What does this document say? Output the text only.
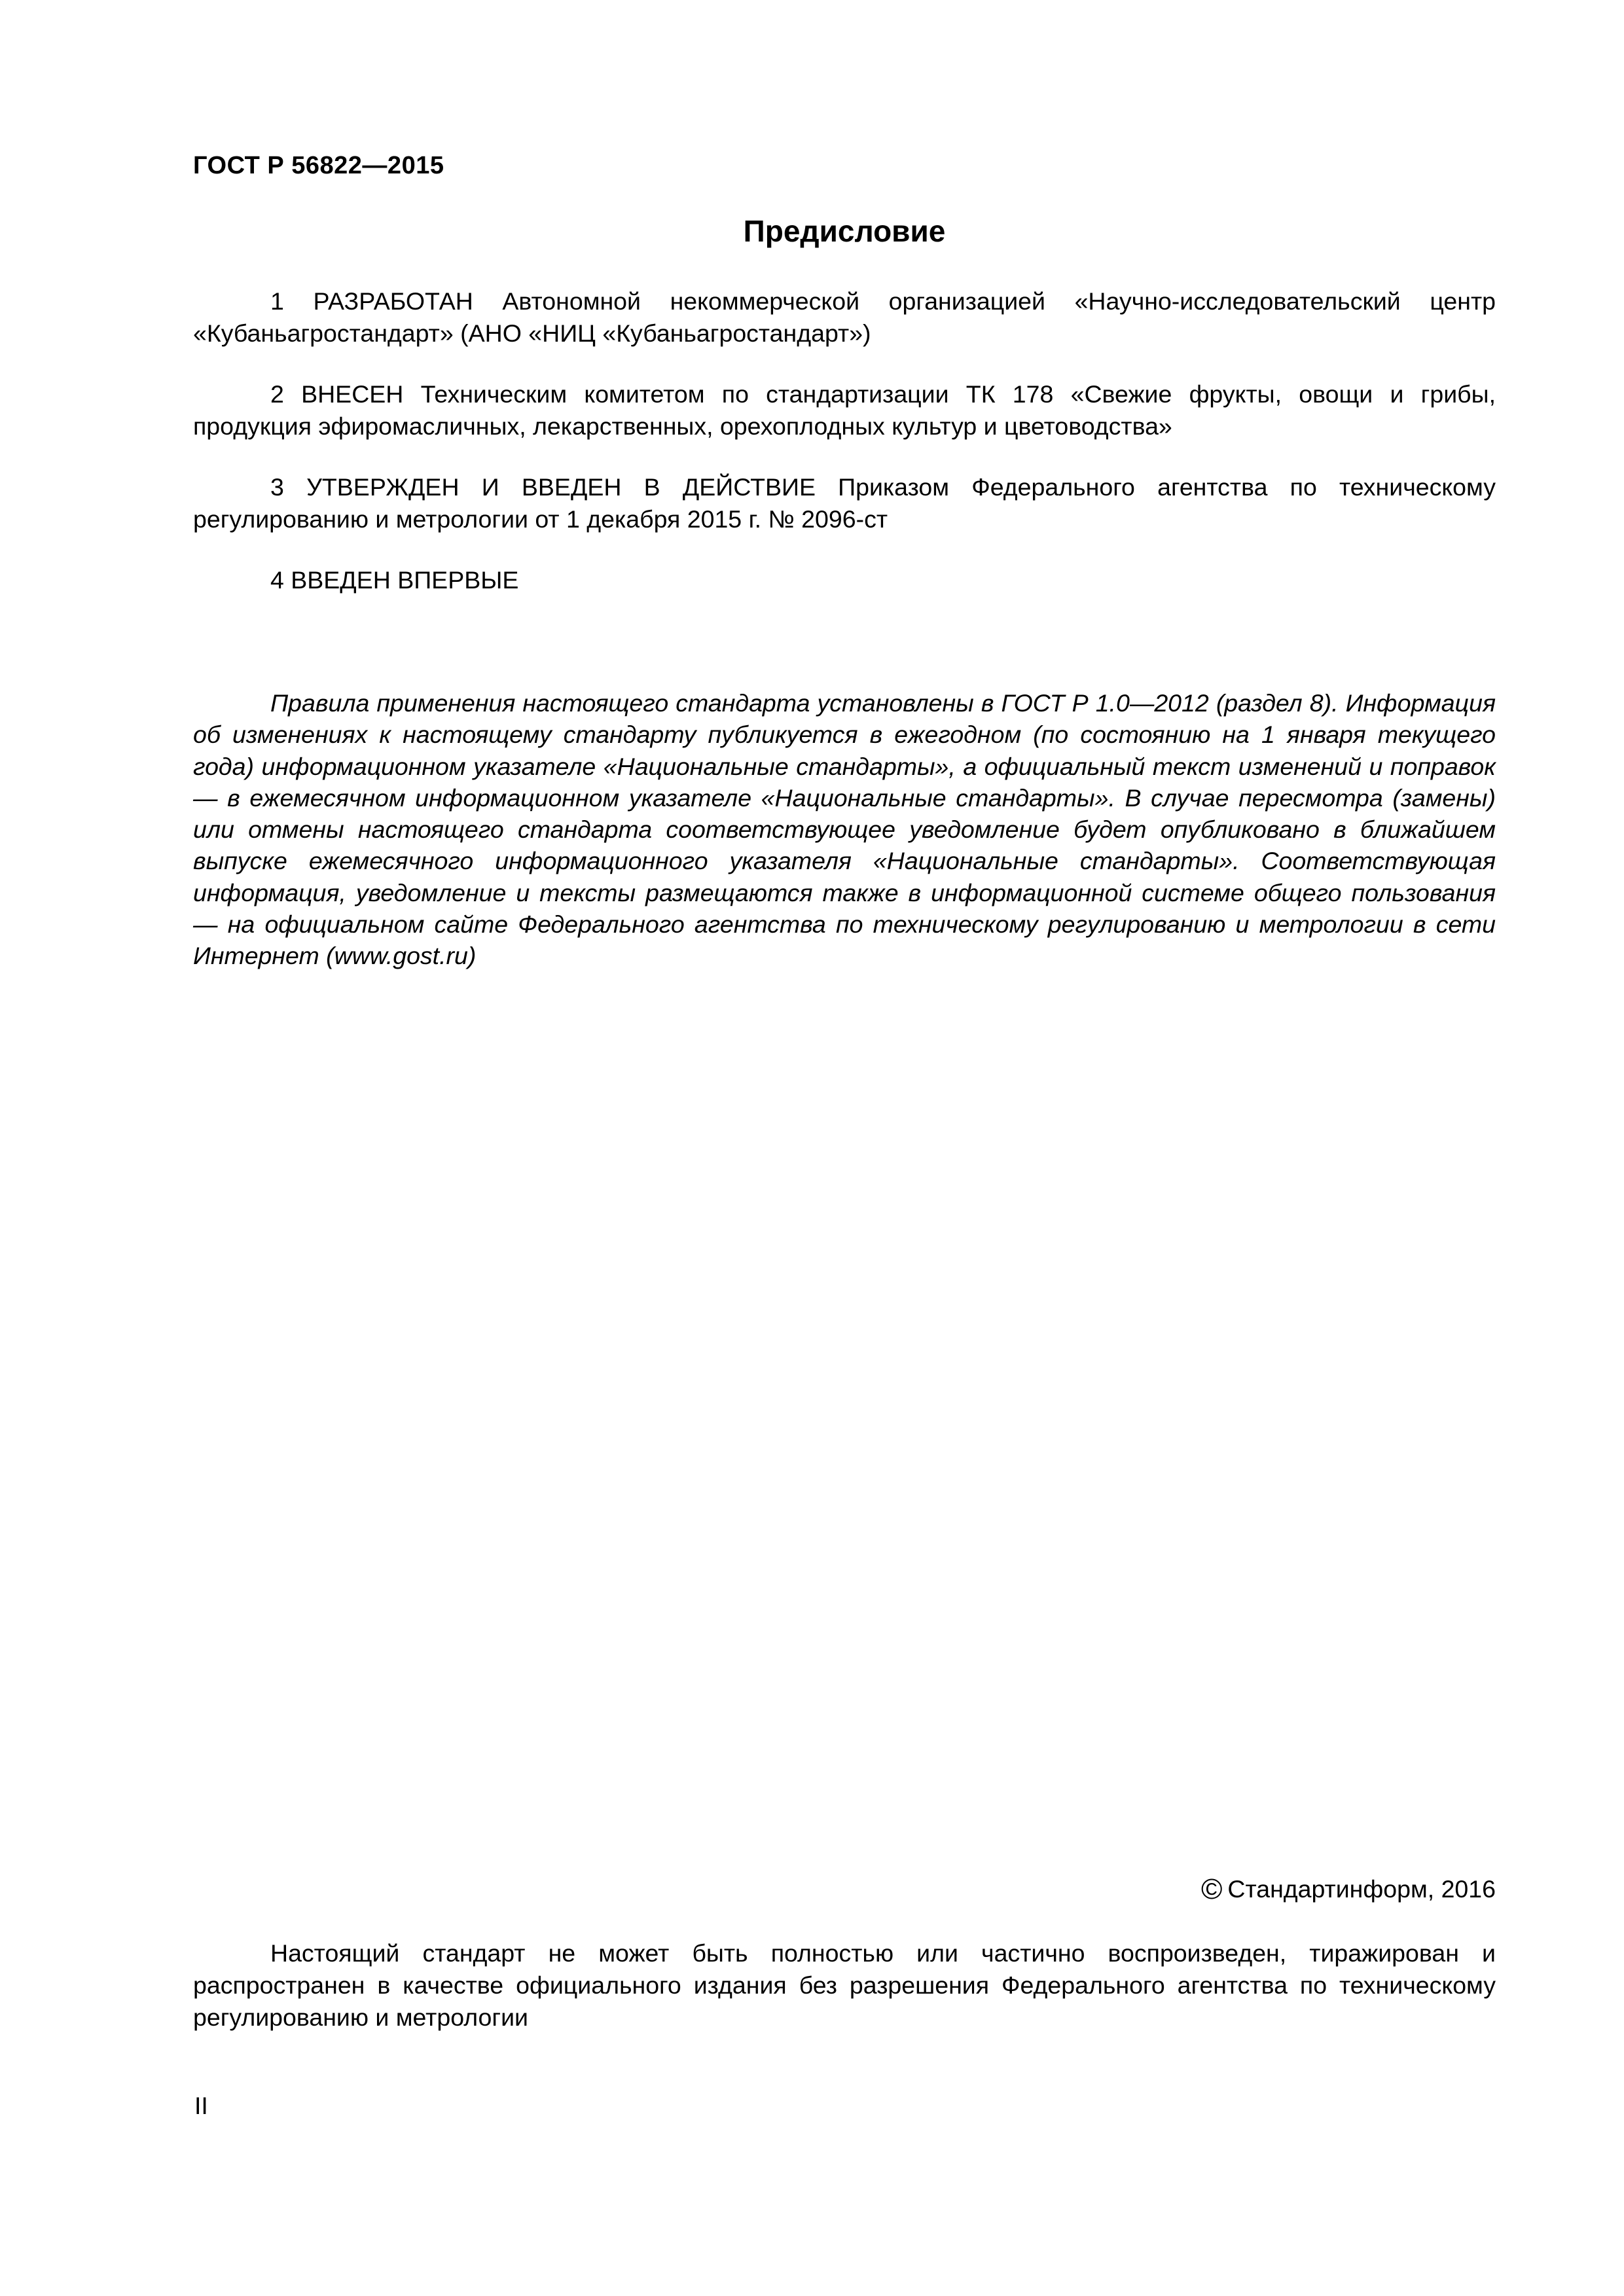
ГОСТ Р 56822—2015
Предисловие

1 РАЗРАБОТАН Автономной некоммерческой организацией «Научно-исследовательский центр «Кубаньагростандарт» (АНО «НИЦ «Кубаньагростандарт»)

2 ВНЕСЕН Техническим комитетом по стандартизации ТК 178 «Свежие фрукты, овощи и грибы, продукция эфиромасличных, лекарственных, орехоплодных культур и цветоводства»

3 УТВЕРЖДЕН И ВВЕДЕН В ДЕЙСТВИЕ Приказом Федерального агентства по техническому регулированию и метрологии от 1 декабря 2015 г. № 2096-ст

4 ВВЕДЕН ВПЕРВЫЕ

Правила применения настоящего стандарта установлены в ГОСТ Р 1.0—2012 (раздел 8). Информация об изменениях к настоящему стандарту публикуется в ежегодном (по состоянию на 1 января текущего года) информационном указателе «Национальные стандарты», а официальный текст изменений и поправок — в ежемесячном информационном указателе «Национальные стандарты». В случае пересмотра (замены) или отмены настоящего стандарта соответствующее уведомление будет опубликовано в ближайшем выпуске ежемесячного информационного указателя «Национальные стандарты». Соответствующая информация, уведомление и тексты размещаются также в информационной системе общего пользования — на официальном сайте Федерального агентства по техническому регулированию и метрологии в сети Интернет (www.gost.ru)

© Стандартинформ, 2016

Настоящий стандарт не может быть полностью или частично воспроизведен, тиражирован и распространен в качестве официального издания без разрешения Федерального агентства по техническому регулированию и метрологии

II
